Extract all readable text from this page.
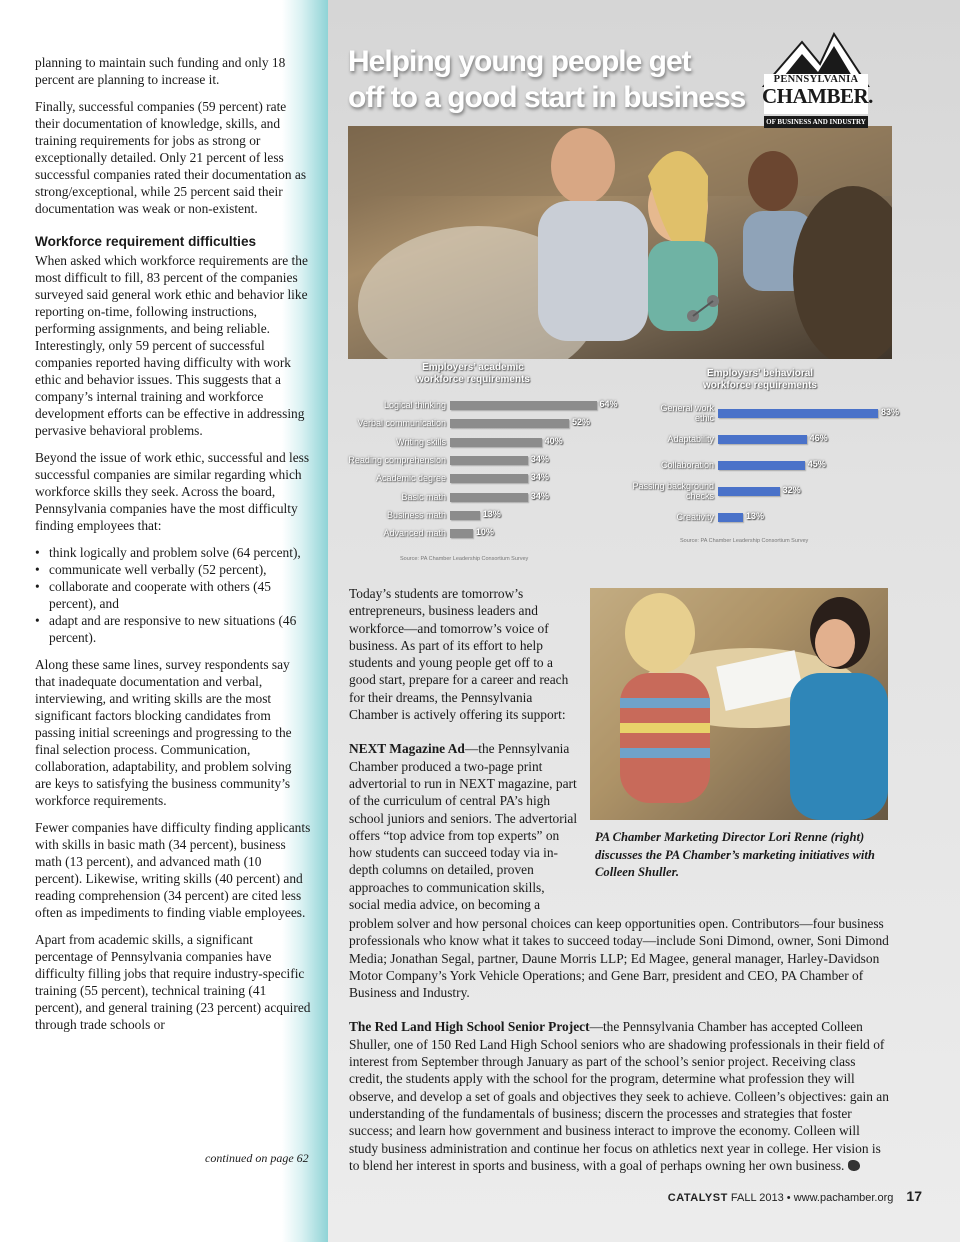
planning to maintain such funding and only 18 percent are planning to increase it.

Finally, successful companies (59 percent) rate their documentation of knowledge, skills, and training requirements for jobs as strong or exceptionally detailed. Only 21 percent of less successful companies rated their documentation as strong/exceptional, while 25 percent said their documentation was weak or non-existent.

Workforce requirement difficulties

When asked which workforce requirements are the most difficult to fill, 83 percent of the companies surveyed said general work ethic and behavior like reporting on-time, following instructions, performing assignments, and being reliable. Interestingly, only 59 percent of successful companies reported having difficulty with work ethic and behavior issues. This suggests that a company’s internal training and workforce development efforts can be effective in addressing pervasive behavioral problems.

Beyond the issue of work ethic, successful and less successful companies are similar regarding which workforce skills they seek. Across the board, Pennsylvania companies have the most difficulty finding employees that:

• think logically and problem solve (64 percent),
• communicate well verbally (52 percent),
• collaborate and cooperate with others (45 percent), and
• adapt and are responsive to new situations (46 percent).

Along these same lines, survey respondents say that inadequate documentation and verbal, interviewing, and writing skills are the most significant factors blocking candidates from passing initial screenings and progressing to the final selection process. Communication, collaboration, adaptability, and problem solving are keys to satisfying the business community’s workforce requirements.

Fewer companies have difficulty finding applicants with skills in basic math (34 percent), business math (13 percent), and advanced math (10 percent). Likewise, writing skills (40 percent) and reading comprehension (34 percent) are cited less often as impediments to finding viable employees.

Apart from academic skills, a significant percentage of Pennsylvania companies have difficulty filling jobs that require industry-specific training (55 percent), technical training (41 percent), and general training (23 percent) acquired through trade schools or

continued on page 62
Helping young people get
off to a good start in business
PENNSYLVANIA
CHAMBER.
OF BUSINESS AND INDUSTRY
Employers’ academic
workforce requirements
Logical thinking	64%
Verbal communication	52%
Writing skills	40%
Reading comprehension	34%
Academic degree	34%
Basic math	34%
Business math	13%
Advanced math	10%
Source: PA Chamber Leadership Consortium Survey
Employers’ behavioral
workforce requirements
General work
ethic
83%
Adaptability	46%
Collaboration	45%
Passing background
checks
32%
Creativity	13%
Source: PA Chamber Leadership Consortium Survey

Today’s students are tomorrow’s entrepreneurs, business leaders and workforce—and tomorrow’s voice of business. As part of its effort to help students and young people get off to a good start, prepare for a career and reach for their dreams, the Pennsylvania Chamber is actively offering its support:

NEXT Magazine Ad—the Pennsylvania Chamber produced a two-page print advertorial to run in NEXT magazine, part of the curriculum of central PA’s high school juniors and seniors. The advertorial offers “top advice from top experts” on how students can succeed today via in-depth columns on detailed, proven approaches to communication skills, social media advice, on becoming a

problem solver and how personal choices can keep opportunities open. Contributors—four business professionals who know what it takes to succeed today—include Soni Dimond, owner, Soni Dimond Media; Jonathan Segal, partner, Daune Morris LLP; Ed Magee, general manager, Harley-Davidson Motor Company’s York Vehicle Operations; and Gene Barr, president and CEO, PA Chamber of Business and Industry.

The Red Land High School Senior Project—the Pennsylvania Chamber has accepted Colleen Shuller, one of 150 Red Land High School seniors who are shadowing professionals in their field of interest from September through January as part of the school’s senior project. Receiving class credit, the students apply with the school for the program, determine what profession they will observe, and develop a set of goals and objectives they seek to achieve. Colleen’s objectives: gain an understanding of the fundamentals of business; discern the processes and strategies that foster success; and learn how government and business interact to improve the economy. Colleen will study business administration and continue her focus on athletics next year in college. Her vision is to blend her interest in sports and business, with a goal of perhaps owning her own business.

PA Chamber Marketing Director Lori Renne (right) discusses the PA Chamber’s marketing initiatives with Colleen Shuller.
CATALYST FALL 2013 • www.pachamber.org 17
